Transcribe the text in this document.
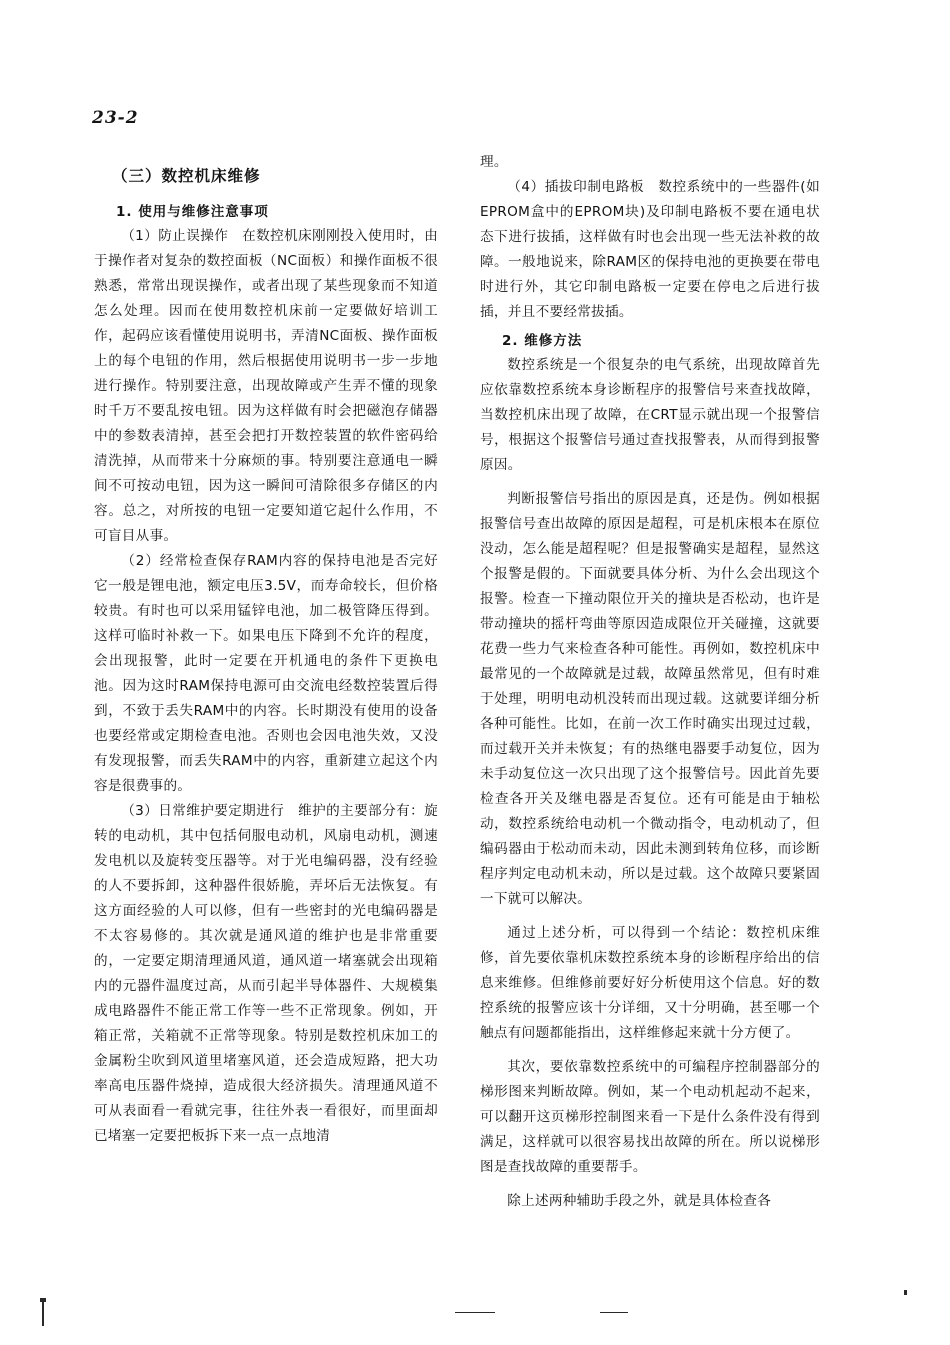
23-2
（三）数控机床维修
1. 使用与维修注意事项

（1）防止误操作　在数控机床刚刚投入使用时，由于操作者对复杂的数控面板（NC面板）和操作面板不很熟悉，常常出现误操作，或者出现了某些现象而不知道怎么处理。因而在使用数控机床前一定要做好培训工作，起码应该看懂使用说明书，弄清NC面板、操作面板上的每个电钮的作用，然后根据使用说明书一步一步地进行操作。特别要注意，出现故障或产生弄不懂的现象时千万不要乱按电钮。因为这样做有时会把磁泡存储器中的参数表清掉，甚至会把打开数控装置的软件密码给清洗掉，从而带来十分麻烦的事。特别要注意通电一瞬间不可按动电钮，因为这一瞬间可清除很多存储区的内容。总之，对所按的电钮一定要知道它起什么作用，不可盲目从事。

（2）经常检查保存RAM内容的保持电池是否完好　它一般是锂电池，额定电压3.5V，而寿命较长，但价格较贵。有时也可以采用锰锌电池，加二极管降压得到。这样可临时补救一下。如果电压下降到不允许的程度，会出现报警，此时一定要在开机通电的条件下更换电池。因为这时RAM保持电源可由交流电经数控装置后得到，不致于丢失RAM中的内容。长时期没有使用的设备也要经常或定期检查电池。否则也会因电池失效，又没有发现报警，而丢失RAM中的内容，重新建立起这个内容是很费事的。

（3）日常维护要定期进行　维护的主要部分有：旋转的电动机，其中包括伺服电动机，风扇电动机，测速发电机以及旋转变压器等。对于光电编码器，没有经验的人不要拆卸，这种器件很娇脆，弄坏后无法恢复。有这方面经验的人可以修，但有一些密封的光电编码器是不太容易修的。其次就是通风道的维护也是非常重要的，一定要定期清理通风道，通风道一堵塞就会出现箱内的元器件温度过高，从而引起半导体器件、大规模集成电路器件不能正常工作等一些不正常现象。例如，开箱正常，关箱就不正常等现象。特别是数控机床加工的金属粉尘吹到风道里堵塞风道，还会造成短路，把大功率高电压器件烧掉，造成很大经济损失。清理通风道不可从表面看一看就完事，往往外表一看很好，而里面却已堵塞一定要把板拆下来一点一点地清

理。

（4）插拔印制电路板　数控系统中的一些器件(如EPROM盒中的EPROM块)及印制电路板不要在通电状态下进行拔插，这样做有时也会出现一些无法补救的故障。一般地说来，除RAM区的保持电池的更换要在带电时进行外，其它印制电路板一定要在停电之后进行拔插，并且不要经常拔插。

2. 维修方法

数控系统是一个很复杂的电气系统，出现故障首先应依靠数控系统本身诊断程序的报警信号来查找故障，当数控机床出现了故障，在CRT显示就出现一个报警信号，根据这个报警信号通过查找报警表，从而得到报警原因。

判断报警信号指出的原因是真，还是伪。例如根据报警信号查出故障的原因是超程，可是机床根本在原位没动，怎么能是超程呢？但是报警确实是超程，显然这个报警是假的。下面就要具体分析、为什么会出现这个报警。检查一下撞动限位开关的撞块是否松动，也许是带动撞块的摇杆弯曲等原因造成限位开关碰撞，这就要花费一些力气来检查各种可能性。再例如，数控机床中最常见的一个故障就是过载，故障虽然常见，但有时难于处理，明明电动机没转而出现过载。这就要详细分析各种可能性。比如，在前一次工作时确实出现过过载，而过载开关并未恢复；有的热继电器要手动复位，因为未手动复位这一次只出现了这个报警信号。因此首先要检查各开关及继电器是否复位。还有可能是由于轴松动，数控系统给电动机一个微动指令，电动机动了，但编码器由于松动而未动，因此未测到转角位移，而诊断程序判定电动机未动，所以是过载。这个故障只要紧固一下就可以解决。

通过上述分析，可以得到一个结论：数控机床维修，首先要依靠机床数控系统本身的诊断程序给出的信息来维修。但维修前要好好分析使用这个信息。好的数控系统的报警应该十分详细，又十分明确，甚至哪一个触点有问题都能指出，这样维修起来就十分方便了。

其次，要依靠数控系统中的可编程序控制器部分的梯形图来判断故障。例如，某一个电动机起动不起来，可以翻开这页梯形控制图来看一下是什么条件没有得到满足，这样就可以很容易找出故障的所在。所以说梯形图是查找故障的重要帮手。

除上述两种辅助手段之外，就是具体检查各
